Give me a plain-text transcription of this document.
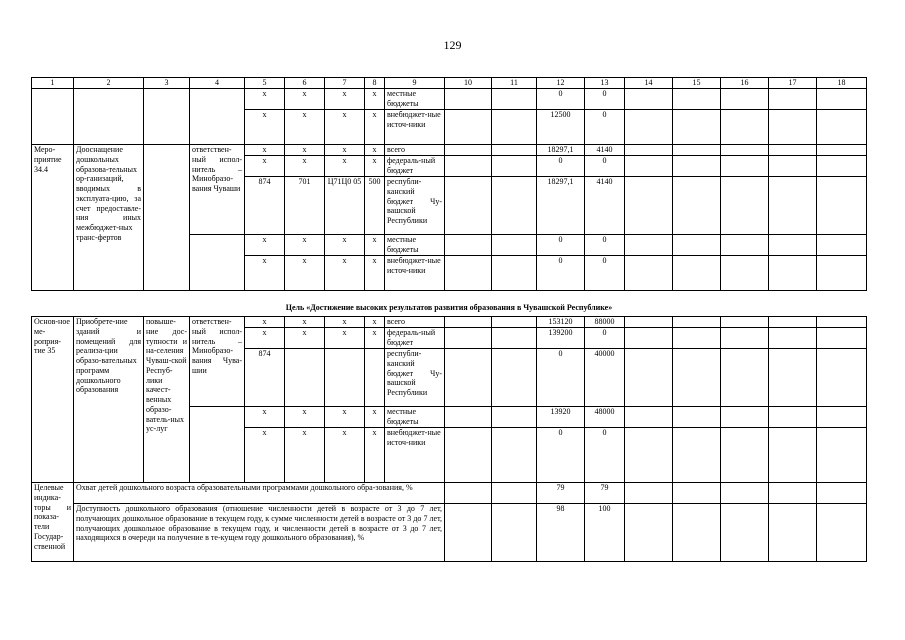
129
1	2	3	4	5	6	7	8	9	10	11	12	13	14	15	16	17	18
				х	х	х	х	местные бюджеты			0	0					
				х	х	х	х	внебюджет-ные источ-ники			12500	0					
Меро-приятие 34.4	Дооснащение дошкольных образова-тельных ор-ганизаций, вводимых в эксплуата-цию, за счет предоставле-ния иных межбюджет-ных транс-фертов		ответствен-ный испол-нитель – Минобразо-вания Чуваши	х	х	х	х	всего			18297,1	4140					
				х	х	х	х	федераль-ный бюджет			0	0					
				874	701	Ц71Ц0 05	500	республи-канский бюджет Чу-вашской Республики			18297,1	4140					
				х	х	х	х	местные бюджеты			0	0					
				х	х	х	х	внебюджет-ные источ-ники			0	0					
Цель «Достижение высоких результатов развития образования в Чувашской Республике»																	
Основ-ное ме-роприя-тие 35	Приобрете-ние зданий и помещений для реализа-ции образо-вательных программ дошкольного образования	повыше-ние дос-тупности и на-селения Чуваш-ской Респуб-лики качест-венных образо-ватель-ных ус-луг	ответствен-ный испол-нитель – Минобразо-вания Чува-шии	х	х	х	х	всего			153120	88000					
				х	х	х	х	федераль-ный бюджет			139200	0					
				874				республи-канский бюджет Чу-вашской Республики			0	40000					
				х	х	х	х	местные бюджеты			13920	48000					
				х	х	х	х	внебюджет-ные источ-ники			0	0					
Целевые индика-торы и показа-тели Государ-ственной	Охват детей дошкольного возраста образовательными программами дошкольного обра-зования, %										79	79					
	Доступность дошкольного образования (отношение численности детей в возрасте от 3 до 7 лет, получающих дошкольное образование в текущем году, к сумме численности детей в возрасте от 3 до 7 лет, получающих дошкольное образование в текущем году, и численности детей в возрасте от 3 до 7 лет, находящихся в очереди на получение в те-кущем году дошкольного образования), %										98	100					
